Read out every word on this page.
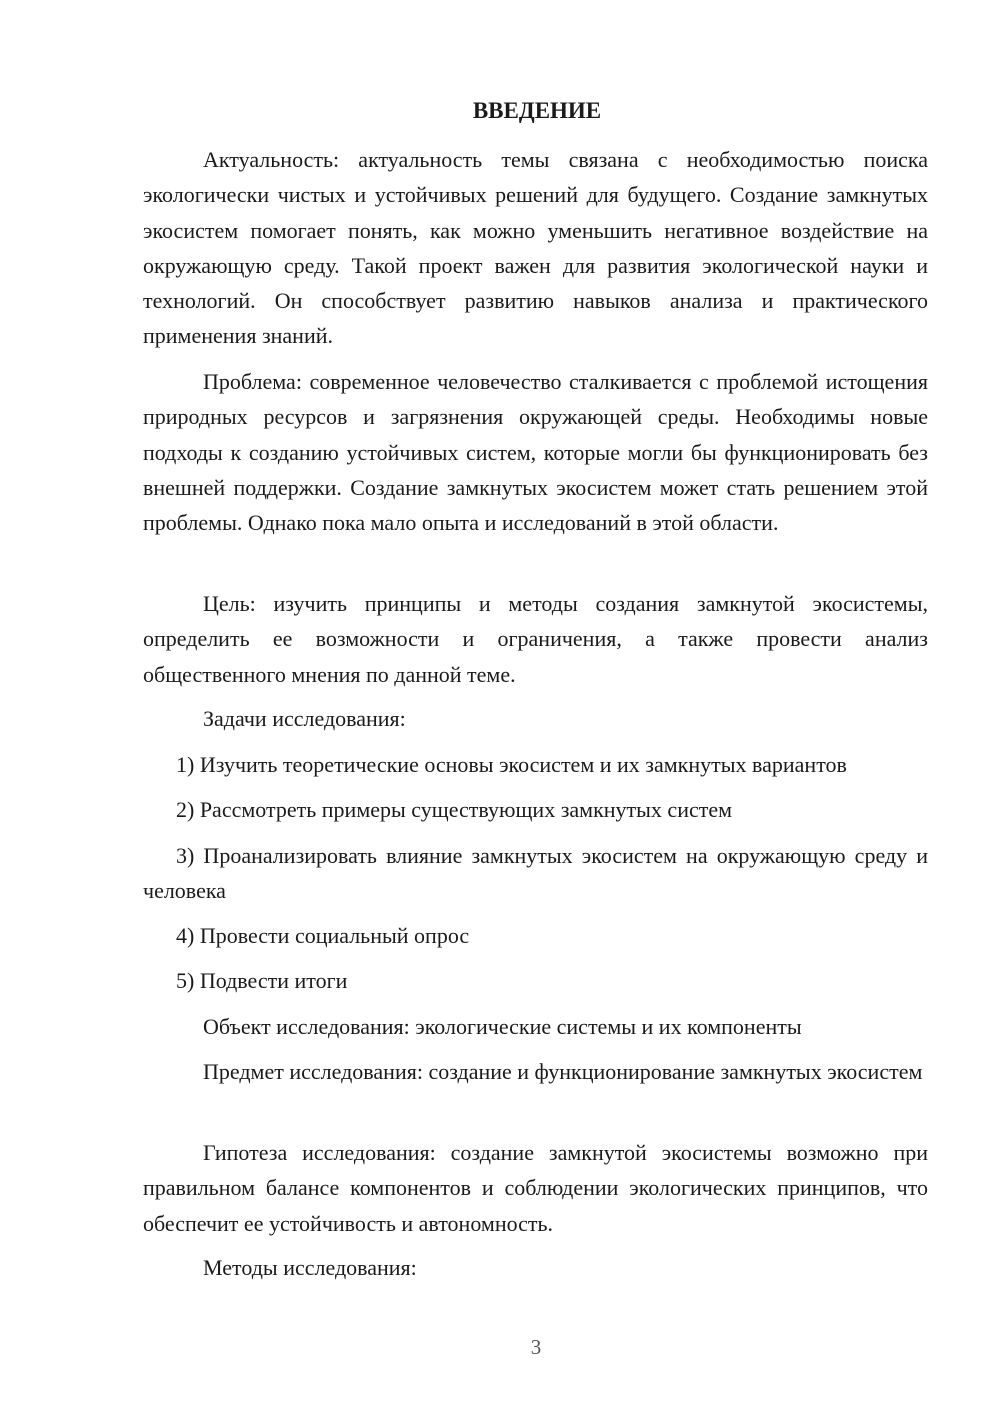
ВВЕДЕНИЕ

Актуальность: актуальность темы связана с необходимостью поиска экологически чистых и устойчивых решений для будущего. Создание замкнутых экосистем помогает понять, как можно уменьшить негативное воздействие на окружающую среду. Такой проект важен для развития экологической науки и технологий. Он способствует развитию навыков анализа и практического применения знаний.

Проблема: современное человечество сталкивается с проблемой истощения природных ресурсов и загрязнения окружающей среды. Необходимы новые подходы к созданию устойчивых систем, которые могли бы функционировать без внешней поддержки. Создание замкнутых экосистем может стать решением этой проблемы. Однако пока мало опыта и исследований в этой области.

Цель: изучить принципы и методы создания замкнутой экосистемы, определить ее возможности и ограничения, а также провести анализ общественного мнения по данной теме.

Задачи исследования:

1) Изучить теоретические основы экосистем и их замкнутых вариантов

2) Рассмотреть примеры существующих замкнутых систем

3) Проанализировать влияние замкнутых экосистем на окружающую среду и человека

4) Провести социальный опрос

5) Подвести итоги

Объект исследования: экологические системы и их компоненты

Предмет исследования: создание и функционирование замкнутых экосистем

Гипотеза исследования: создание замкнутой экосистемы возможно при правильном балансе компонентов и соблюдении экологических принципов, что обеспечит ее устойчивость и автономность.

Методы исследования:

3
